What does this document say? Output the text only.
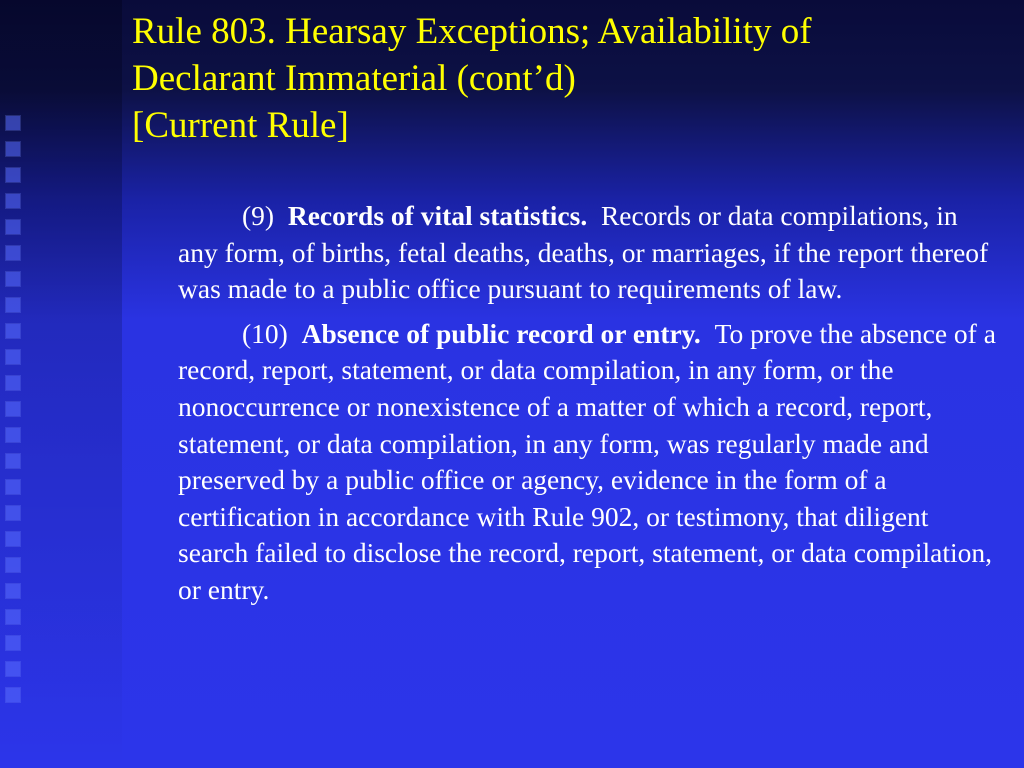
Rule 803. Hearsay Exceptions; Availability of
Declarant Immaterial (cont’d)
[Current Rule]

(9) Records of vital statistics. Records or data compilations, in any form, of births, fetal deaths, deaths, or marriages, if the report thereof was made to a public office pursuant to requirements of law.

(10) Absence of public record or entry. To prove the absence of a record, report, statement, or data compilation, in any form, or the nonoccurrence or nonexistence of a matter of which a record, report, statement, or data compilation, in any form, was regularly made and preserved by a public office or agency, evidence in the form of a certification in accordance with Rule 902, or testimony, that diligent search failed to disclose the record, report, statement, or data compilation, or entry.
